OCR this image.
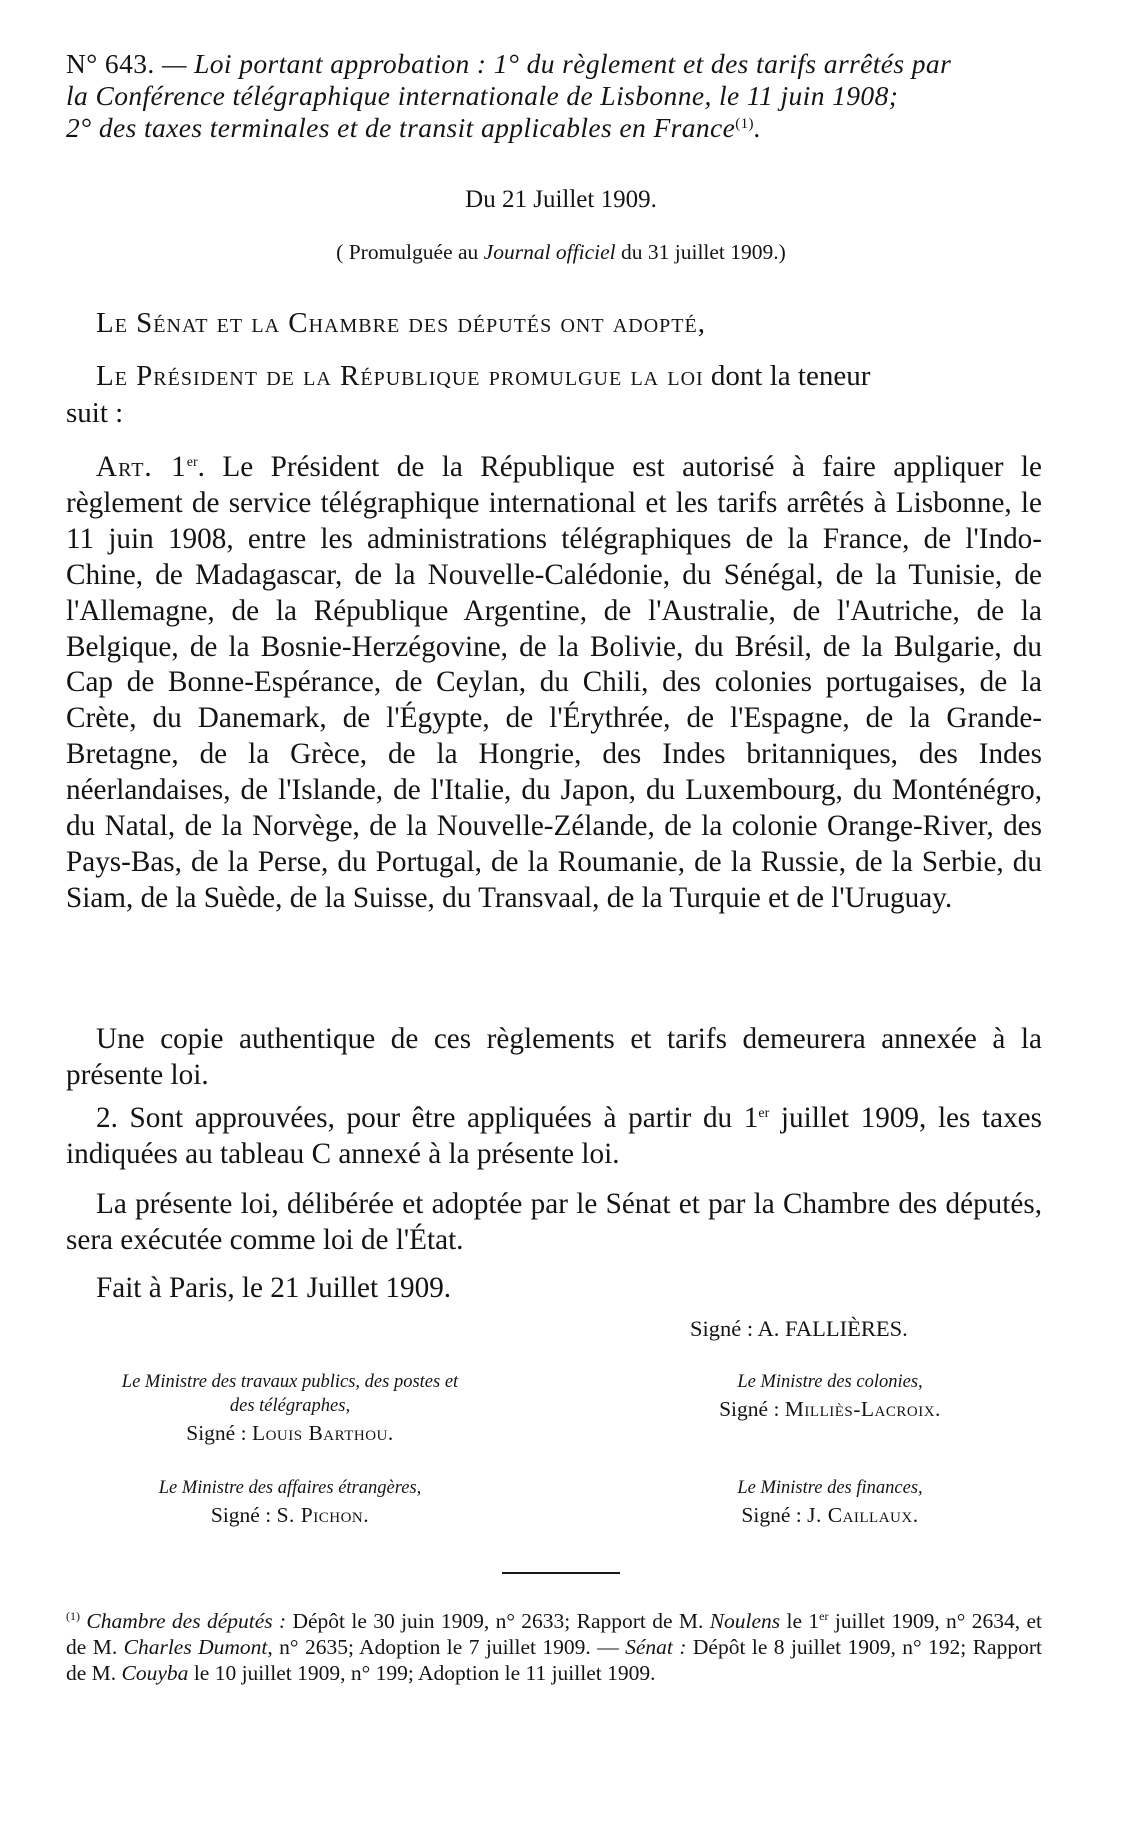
N° 643. — Loi portant approbation : 1° du règlement et des tarifs arrêtés par
la Conférence télégraphique internationale de Lisbonne, le 11 juin 1908;
2° des taxes terminales et de transit applicables en France$^{(1)}$.
Du 21 Juillet 1909.
( Promulguée au Journal officiel du 31 juillet 1909.)
Le Sénat et la Chambre des députés ont adopté,
Le Président de la République promulgue la loi dont la teneur
suit :
Art. 1er. Le Président de la République est autorisé à faire appliquer le règlement de service télégraphique international et les tarifs arrêtés à Lisbonne, le 11 juin 1908, entre les administrations télégraphiques de la France, de l'Indo-Chine, de Madagascar, de la Nouvelle-Calédonie, du Sénégal, de la Tunisie, de l'Allemagne, de la République Argentine, de l'Australie, de l'Autriche, de la Belgique, de la Bosnie-Herzégovine, de la Bolivie, du Brésil, de la Bulgarie, du Cap de Bonne-Espérance, de Ceylan, du Chili, des colonies portugaises, de la Crète, du Danemark, de l'Égypte, de l'Érythrée, de l'Espagne, de la Grande-Bretagne, de la Grèce, de la Hongrie, des Indes britanniques, des Indes néerlandaises, de l'Islande, de l'Italie, du Japon, du Luxembourg, du Monténégro, du Natal, de la Norvège, de la Nouvelle-Zélande, de la colonie Orange-River, des Pays-Bas, de la Perse, du Portugal, de la Roumanie, de la Russie, de la Serbie, du Siam, de la Suède, de la Suisse, du Transvaal, de la Turquie et de l'Uruguay.
Une copie authentique de ces règlements et tarifs demeurera annexée à la présente loi.
2. Sont approuvées, pour être appliquées à partir du 1er juillet 1909, les taxes indiquées au tableau C annexé à la présente loi.
La présente loi, délibérée et adoptée par le Sénat et par la Chambre des députés, sera exécutée comme loi de l'État.
Fait à Paris, le 21 Juillet 1909.
Signé : A. FALLIÈRES.
Le Ministre des travaux publics, des postes et des télégraphes,
Signé : Louis Barthou.
Le Ministre des colonies,
Signé : Milliès-Lacroix.
Le Ministre des affaires étrangères,
Signé : S. Pichon.
Le Ministre des finances,
Signé : J. Caillaux.
$^{(1)}$ Chambre des députés : Dépôt le 30 juin 1909, n° 2633; Rapport de M. Noulens le 1er juillet 1909, n° 2634, et de M. Charles Dumont, n° 2635; Adoption le 7 juillet 1909. — Sénat : Dépôt le 8 juillet 1909, n° 192; Rapport de M. Couyba le 10 juillet 1909, n° 199; Adoption le 11 juillet 1909.
